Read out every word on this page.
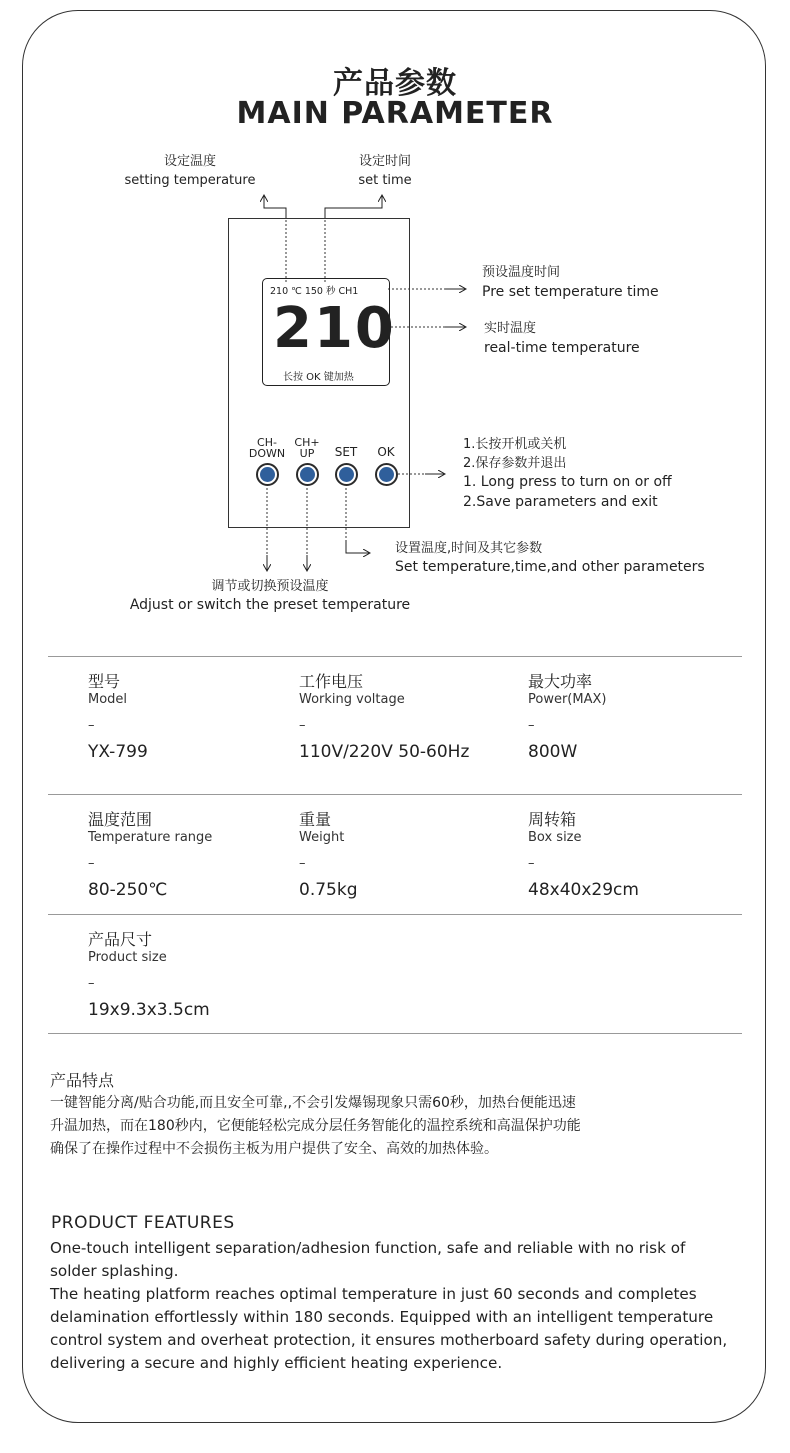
产品参数
MAIN PARAMETER
设定温度
setting temperature
设定时间
set time
预设温度时间
Pre set temperature time
实时温度
real-time temperature
1.长按开机或关机
2.保存参数并退出
1. Long press to turn on or off
2.Save parameters and exit
设置温度,时间及其它参数
Set temperature,time,and other parameters
调节或切换预设温度
Adjust or switch the preset temperature
210 ℃ 150 秒 CH1
210
长按 OK 键加热
CH-
DOWN
CH+
UP	SET	OK
型号
Model
–
YX-799
工作电压
Working voltage
–
110V/220V 50-60Hz
最大功率
Power(MAX)
–
800W
温度范围
Temperature range
–
80-250℃
重量
Weight
–
0.75kg
周转箱
Box size
–
48x40x29cm
产品尺寸
Product size
–
19x9.3x3.5cm
产品特点
一键智能分离/贴合功能,而且安全可靠,,不会引发爆锡现象只需60秒，加热台便能迅速
升温加热，而在180秒内，它便能轻松完成分层任务智能化的温控系统和高温保护功能
确保了在操作过程中不会损伤主板为用户提供了安全、高效的加热体验。
PRODUCT FEATURES
One-touch intelligent separation/adhesion function, safe and reliable with no risk of
solder splashing.
The heating platform reaches optimal temperature in just 60 seconds and completes
delamination effortlessly within 180 seconds. Equipped with an intelligent temperature
control system and overheat protection, it ensures motherboard safety during operation,
delivering a secure and highly efficient heating experience.
